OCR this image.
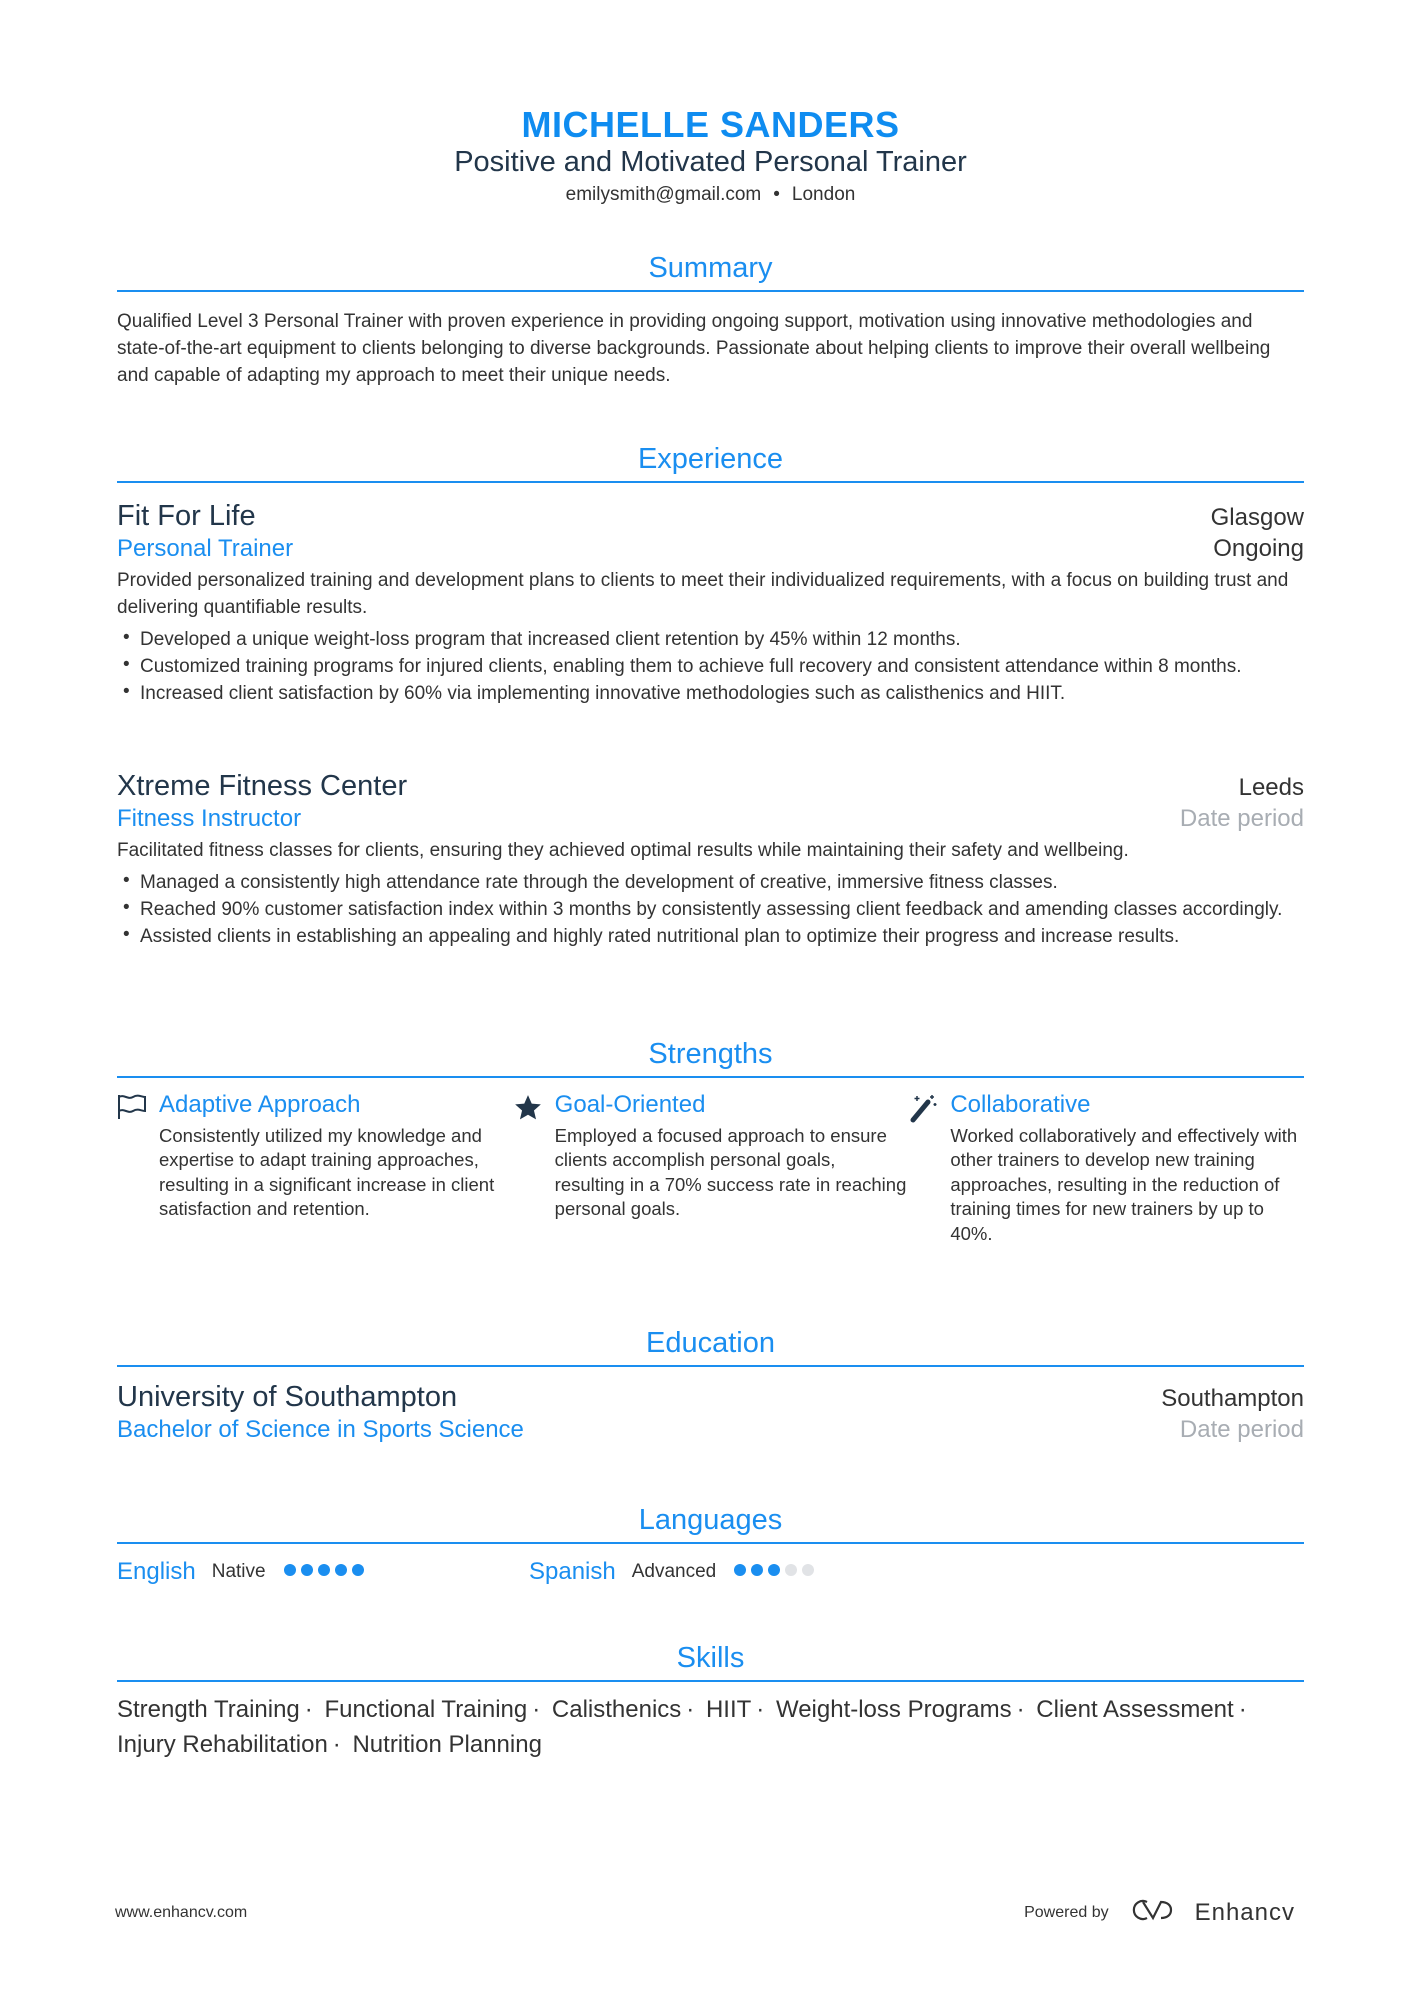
MICHELLE SANDERS
Positive and Motivated Personal Trainer
emilysmith@gmail.com • London
Summary
Qualified Level 3 Personal Trainer with proven experience in providing ongoing support, motivation using innovative methodologies and state-of-the-art equipment to clients belonging to diverse backgrounds. Passionate about helping clients to improve their overall wellbeing and capable of adapting my approach to meet their unique needs.
Experience
Fit For Life	Glasgow
Personal Trainer	Ongoing
Provided personalized training and development plans to clients to meet their individualized requirements, with a focus on building trust and delivering quantifiable results.
• Developed a unique weight-loss program that increased client retention by 45% within 12 months.
• Customized training programs for injured clients, enabling them to achieve full recovery and consistent attendance within 8 months.
• Increased client satisfaction by 60% via implementing innovative methodologies such as calisthenics and HIIT.
Xtreme Fitness Center	Leeds
Fitness Instructor	Date period
Facilitated fitness classes for clients, ensuring they achieved optimal results while maintaining their safety and wellbeing.
• Managed a consistently high attendance rate through the development of creative, immersive fitness classes.
• Reached 90% customer satisfaction index within 3 months by consistently assessing client feedback and amending classes accordingly.
• Assisted clients in establishing an appealing and highly rated nutritional plan to optimize their progress and increase results.
Strengths
Adaptive Approach
Consistently utilized my knowledge and expertise to adapt training approaches, resulting in a significant increase in client satisfaction and retention.
Goal-Oriented
Employed a focused approach to ensure clients accomplish personal goals, resulting in a 70% success rate in reaching personal goals.
Collaborative
Worked collaboratively and effectively with other trainers to develop new training approaches, resulting in the reduction of training times for new trainers by up to 40%.
Education
University of Southampton	Southampton
Bachelor of Science in Sports Science	Date period
Languages
English Native	Spanish Advanced
Skills
Strength Training · Functional Training · Calisthenics · HIIT · Weight-loss Programs · Client Assessment · Injury Rehabilitation · Nutrition Planning
www.enhancv.com	Powered by	Enhancv
